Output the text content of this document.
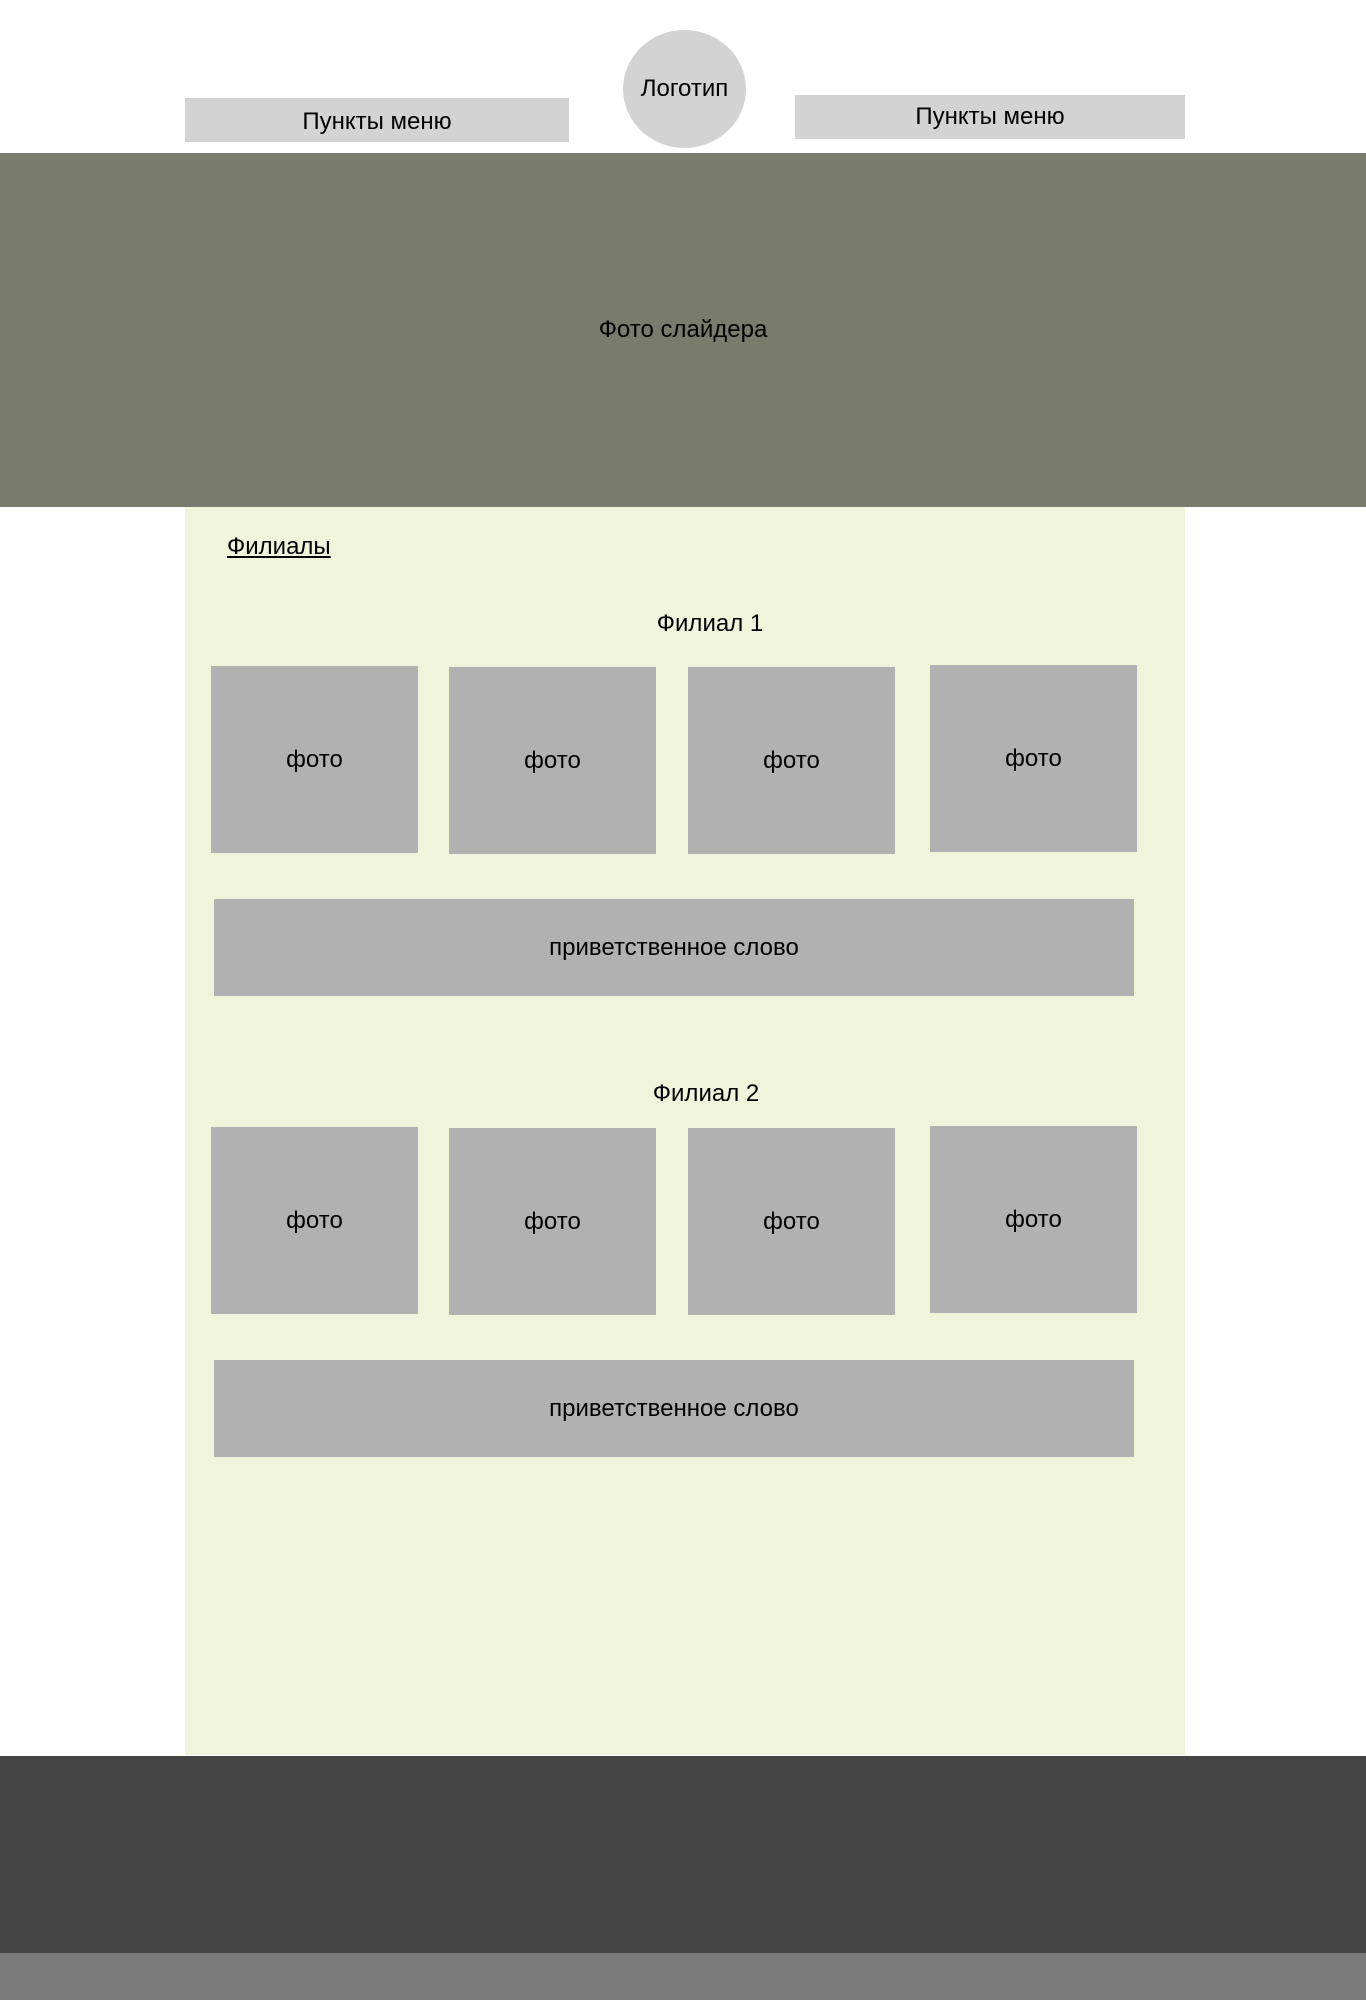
Пункты меню
Логотип
Пункты меню
Фото слайдера
Филиалы
Филиал 1
фото	фото	фото	фото
приветственное слово
Филиал 2
фото	фото	фото	фото
приветственное слово
